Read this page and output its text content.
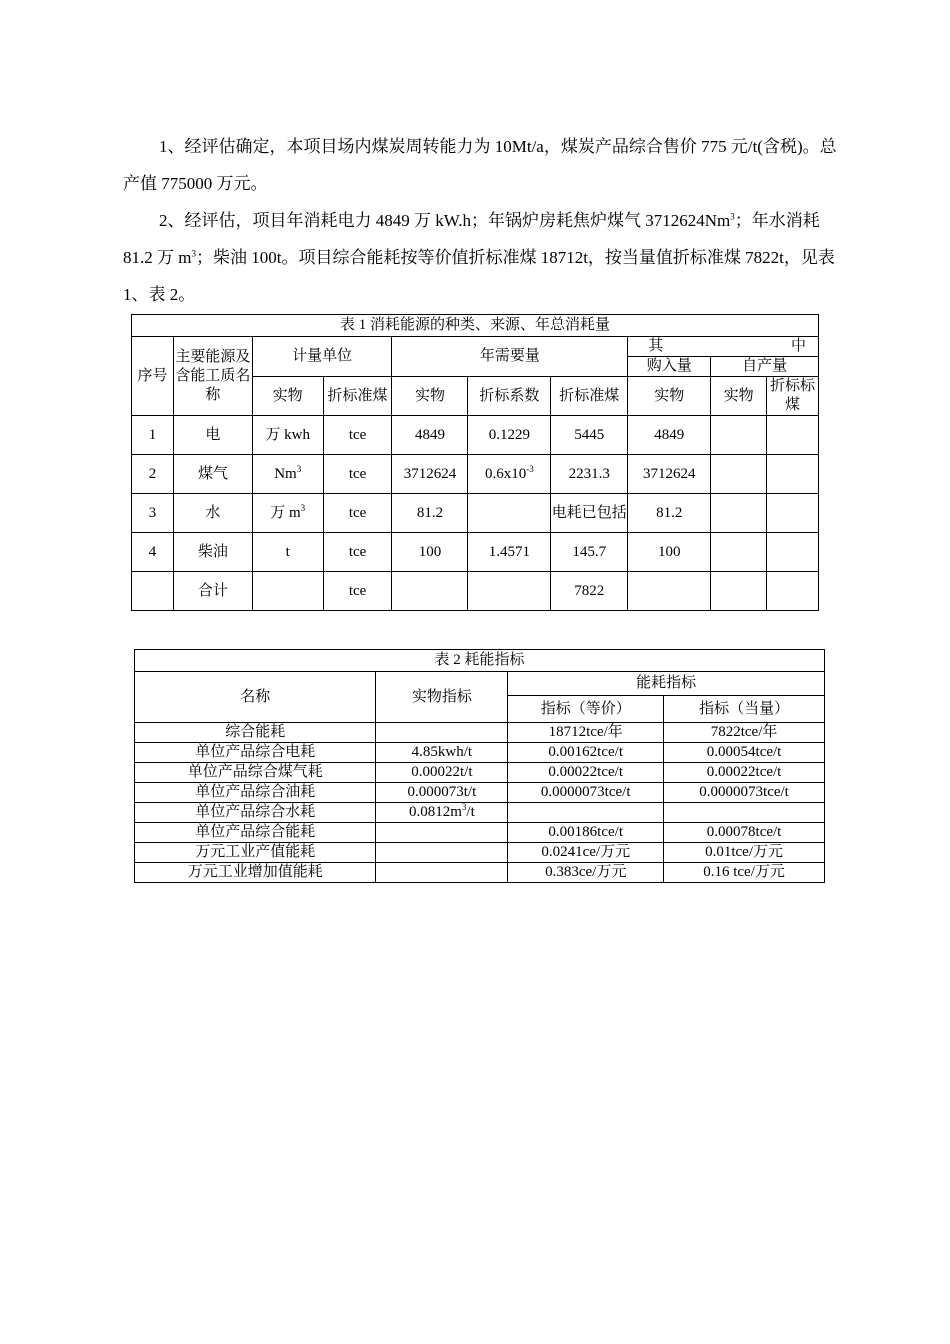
1、经评估确定，本项目场内煤炭周转能力为 10Mt/a，煤炭产品综合售价 775 元/t(含税)。总产值 775000 万元。

2、经评估，项目年消耗电力 4849 万 kW.h；年锅炉房耗焦炉煤气 3712624Nm$^3$；年水消耗 81.2 万 $m^3$；柴油 100t。项目综合能耗按等价值折标准煤 18712t，按当量值折标准煤 7822t，见表 1、表 2。

表 1 消耗能源的种类、来源、年总消耗量									
序号	主要能源及含能工质名称	计量单位		年需要量			其 中		

							购入量	自产量	
		实物	折标准煤	实物	折标系数	折标准煤	实物	实物	折标标煤
1	电	万 kwh	tce	4849	0.1229	5445	4849		
2	煤气	Nm$^3$	tce	3712624	$0.6x10^{-3}$	2231.3	3712624		
3	水	万 $m^3$	tce	81.2		电耗已包括	81.2		
4	柴油	t	tce	100	1.4571	145.7	100		
	合计		tce			7822			
表 2 耗能指标			
名称	实物指标	能耗指标	
		指标（等价）	指标（当量）
综合能耗		18712tce/年	7822tce/年
单位产品综合电耗	4.85kwh/t	0.00162tce/t	0.00054tce/t
单位产品综合煤气耗	0.00022t/t	0.00022tce/t	0.00022tce/t
单位产品综合油耗	0.000073t/t	0.0000073tce/t	0.0000073tce/t
单位产品综合水耗	$0.0812m^3/t$		
单位产品综合能耗		0.00186tce/t	0.00078tce/t
万元工业产值能耗		0.0241ce/万元	0.01tce/万元
万元工业增加值能耗		0.383ce/万元	0.16 tce/万元
